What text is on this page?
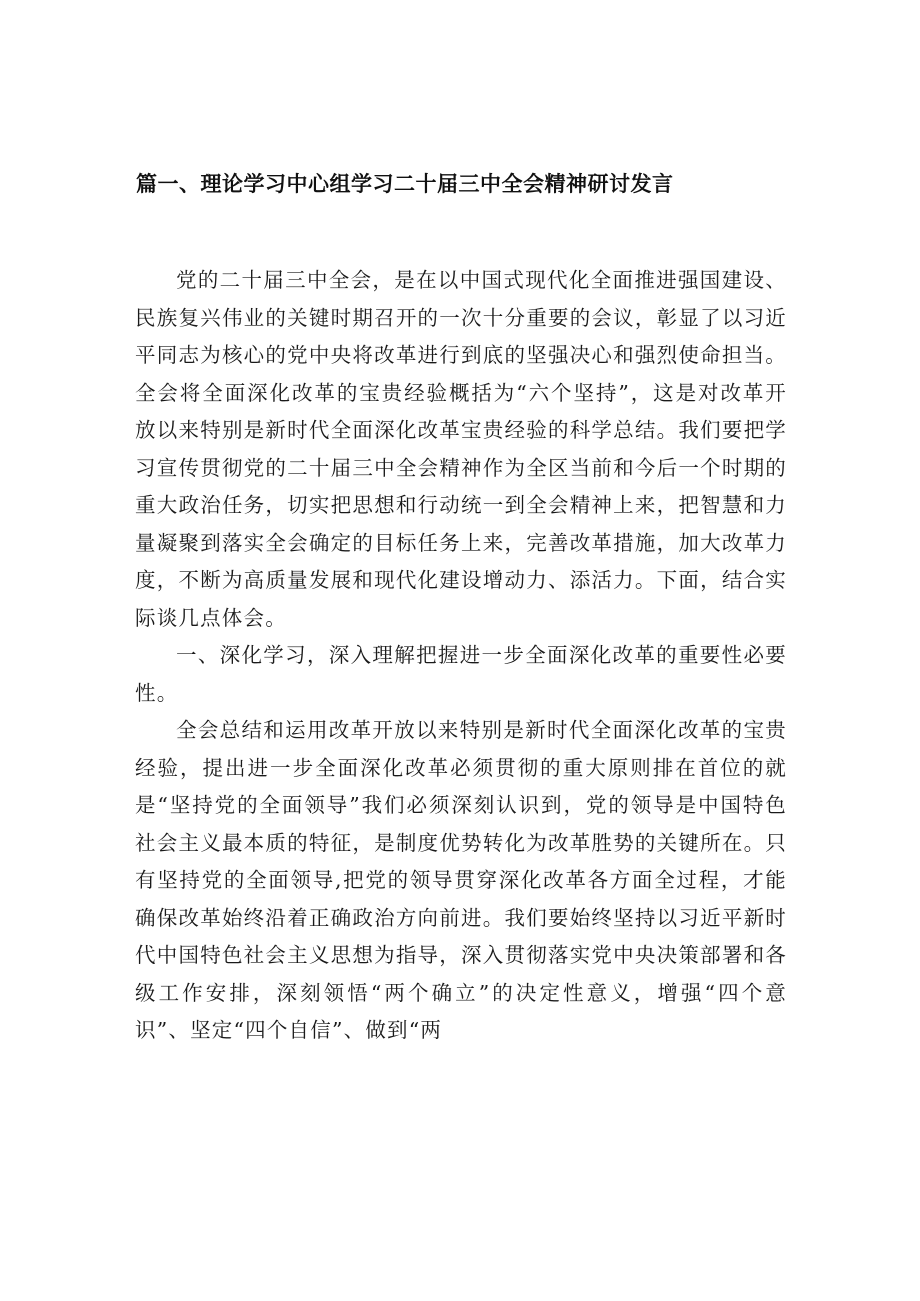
篇一、理论学习中心组学习二十届三中全会精神研讨发言

党的二十届三中全会，是在以中国式现代化全面推进强国建设、民族复兴伟业的关键时期召开的一次十分重要的会议，彰显了以习近平同志为核心的党中央将改革进行到底的坚强决心和强烈使命担当。全会将全面深化改革的宝贵经验概括为“六个坚持”，这是对改革开放以来特别是新时代全面深化改革宝贵经验的科学总结。我们要把学习宣传贯彻党的二十届三中全会精神作为全区当前和今后一个时期的重大政治任务，切实把思想和行动统一到全会精神上来，把智慧和力量凝聚到落实全会确定的目标任务上来，完善改革措施，加大改革力度，不断为高质量发展和现代化建设增动力、添活力。下面，结合实际谈几点体会。

一、深化学习，深入理解把握进一步全面深化改革的重要性必要性。

全会总结和运用改革开放以来特别是新时代全面深化改革的宝贵经验，提出进一步全面深化改革必须贯彻的重大原则排在首位的就是“坚持党的全面领导”我们必须深刻认识到，党的领导是中国特色社会主义最本质的特征，是制度优势转化为改革胜势的关键所在。只有坚持党的全面领导,把党的领导贯穿深化改革各方面全过程，才能确保改革始终沿着正确政治方向前进。我们要始终坚持以习近平新时代中国特色社会主义思想为指导，深入贯彻落实党中央决策部署和各级工作安排，深刻领悟“两个确立”的决定性意义，增强“四个意识”、坚定“四个自信”、做到“两
